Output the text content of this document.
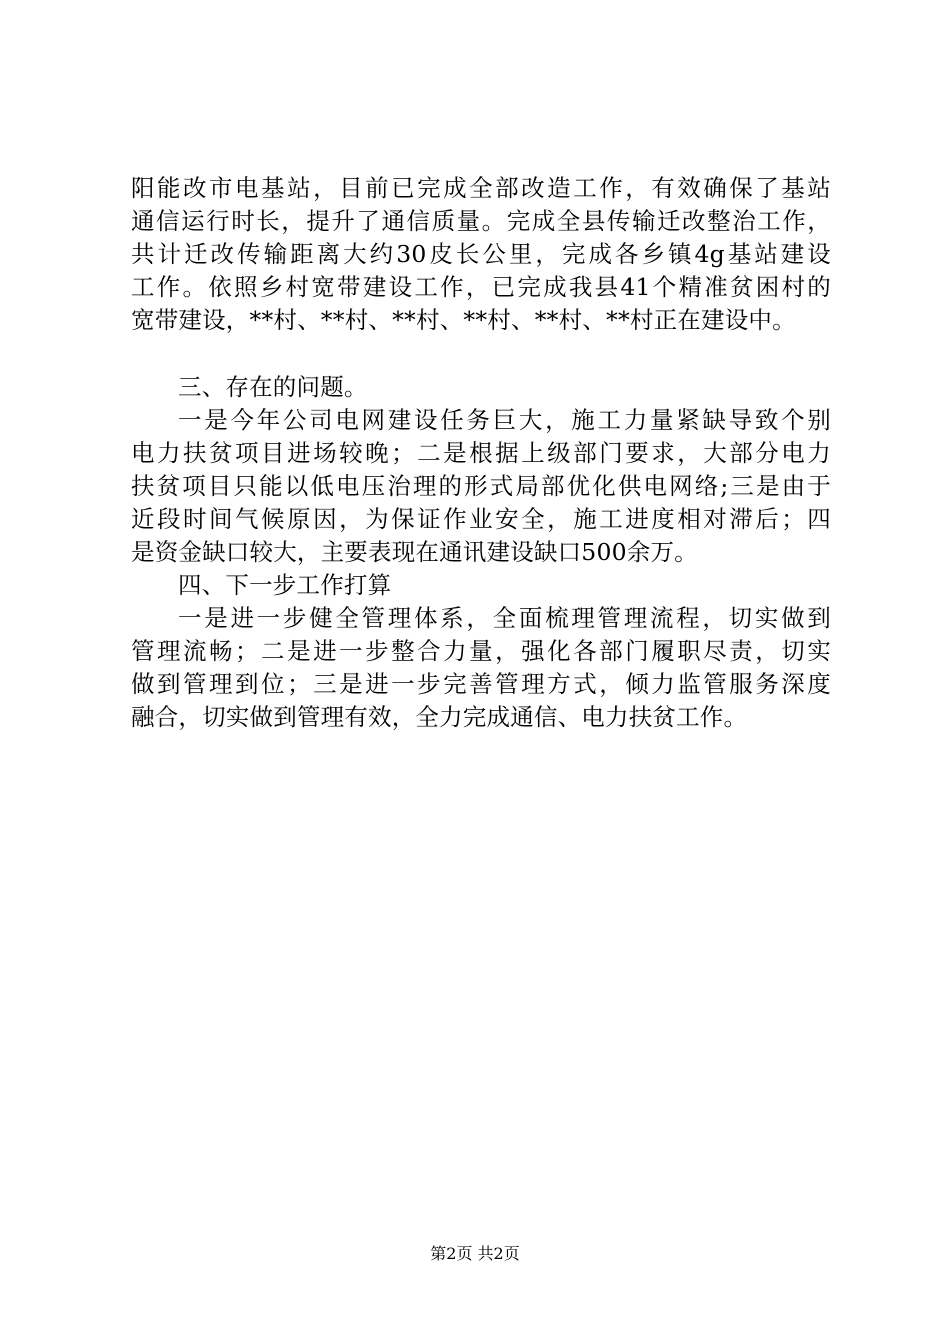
阳能改市电基站，目前已完成全部改造工作，有效确保了基站
通信运行时长，提升了通信质量。完成全县传输迁改整治工作，
共计迁改传输距离大约30皮长公里，完成各乡镇4g基站建设
工作。依照乡村宽带建设工作，已完成我县41个精准贫困村的
宽带建设，**村、**村、**村、**村、**村、**村正在建设中。
三、存在的问题。
一是今年公司电网建设任务巨大，施工力量紧缺导致个别
电力扶贫项目进场较晚；二是根据上级部门要求，大部分电力
扶贫项目只能以低电压治理的形式局部优化供电网络;三是由于
近段时间气候原因，为保证作业安全，施工进度相对滞后；四
是资金缺口较大，主要表现在通讯建设缺口500余万。
四、下一步工作打算
一是进一步健全管理体系，全面梳理管理流程，切实做到
管理流畅；二是进一步整合力量，强化各部门履职尽责，切实
做到管理到位；三是进一步完善管理方式，倾力监管服务深度
融合，切实做到管理有效，全力完成通信、电力扶贫工作。
第2页 共2页
